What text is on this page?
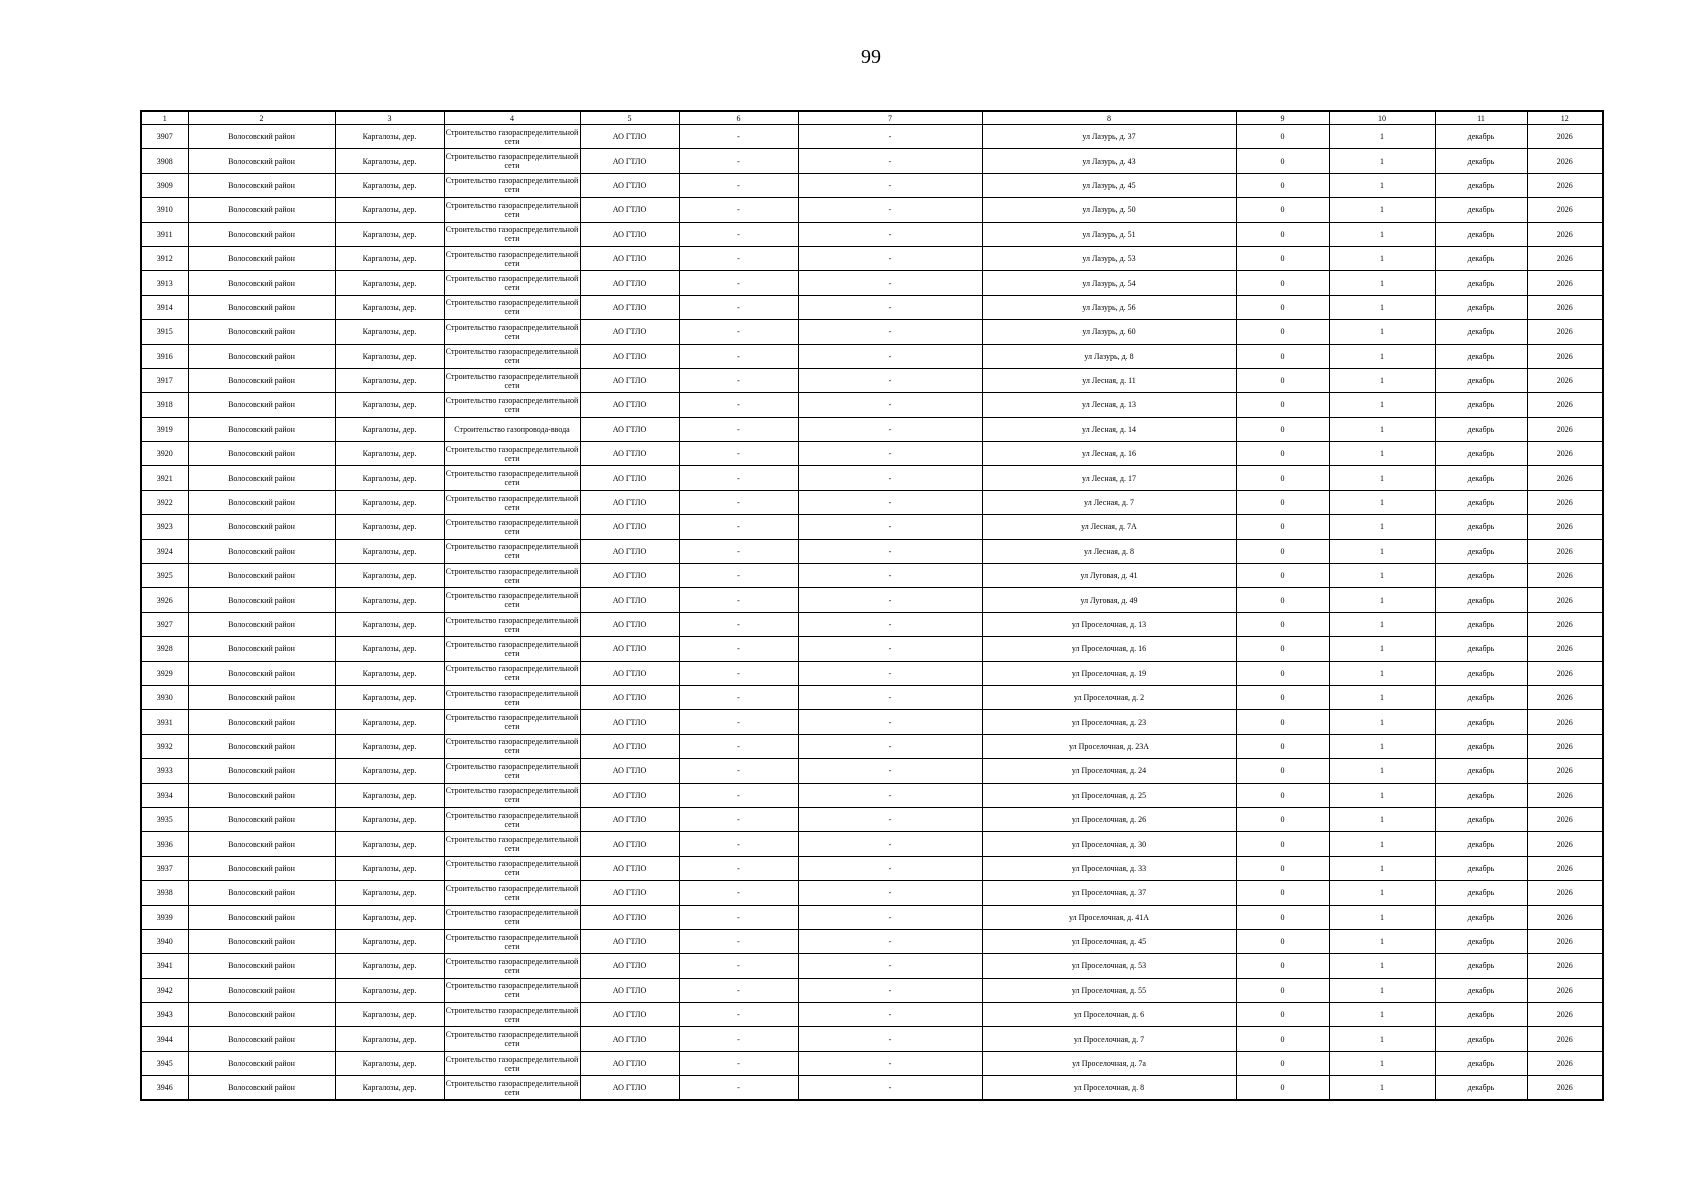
99
1	2	3	4	5	6	7	8	9	10	11	12
3907	Волосовский район	Каргалозы, дер.	Строительство газораспределительной сети	АО ГТЛО	-	-	ул Лазурь, д. 37	0	1	декабрь	2026
3908	Волосовский район	Каргалозы, дер.	Строительство газораспределительной сети	АО ГТЛО	-	-	ул Лазурь, д. 43	0	1	декабрь	2026
3909	Волосовский район	Каргалозы, дер.	Строительство газораспределительной сети	АО ГТЛО	-	-	ул Лазурь, д. 45	0	1	декабрь	2026
3910	Волосовский район	Каргалозы, дер.	Строительство газораспределительной сети	АО ГТЛО	-	-	ул Лазурь, д. 50	0	1	декабрь	2026
3911	Волосовский район	Каргалозы, дер.	Строительство газораспределительной сети	АО ГТЛО	-	-	ул Лазурь, д. 51	0	1	декабрь	2026
3912	Волосовский район	Каргалозы, дер.	Строительство газораспределительной сети	АО ГТЛО	-	-	ул Лазурь, д. 53	0	1	декабрь	2026
3913	Волосовский район	Каргалозы, дер.	Строительство газораспределительной сети	АО ГТЛО	-	-	ул Лазурь, д. 54	0	1	декабрь	2026
3914	Волосовский район	Каргалозы, дер.	Строительство газораспределительной сети	АО ГТЛО	-	-	ул Лазурь, д. 56	0	1	декабрь	2026
3915	Волосовский район	Каргалозы, дер.	Строительство газораспределительной сети	АО ГТЛО	-	-	ул Лазурь, д. 60	0	1	декабрь	2026
3916	Волосовский район	Каргалозы, дер.	Строительство газораспределительной сети	АО ГТЛО	-	-	ул Лазурь, д. 8	0	1	декабрь	2026
3917	Волосовский район	Каргалозы, дер.	Строительство газораспределительной сети	АО ГТЛО	-	-	ул Лесная, д. 11	0	1	декабрь	2026
3918	Волосовский район	Каргалозы, дер.	Строительство газораспределительной сети	АО ГТЛО	-	-	ул Лесная, д. 13	0	1	декабрь	2026
3919	Волосовский район	Каргалозы, дер.	Строительство газопровода-ввода	АО ГТЛО	-	-	ул Лесная, д. 14	0	1	декабрь	2026
3920	Волосовский район	Каргалозы, дер.	Строительство газораспределительной сети	АО ГТЛО	-	-	ул Лесная, д. 16	0	1	декабрь	2026
3921	Волосовский район	Каргалозы, дер.	Строительство газораспределительной сети	АО ГТЛО	-	-	ул Лесная, д. 17	0	1	декабрь	2026
3922	Волосовский район	Каргалозы, дер.	Строительство газораспределительной сети	АО ГТЛО	-	-	ул Лесная, д. 7	0	1	декабрь	2026
3923	Волосовский район	Каргалозы, дер.	Строительство газораспределительной сети	АО ГТЛО	-	-	ул Лесная, д. 7А	0	1	декабрь	2026
3924	Волосовский район	Каргалозы, дер.	Строительство газораспределительной сети	АО ГТЛО	-	-	ул Лесная, д. 8	0	1	декабрь	2026
3925	Волосовский район	Каргалозы, дер.	Строительство газораспределительной сети	АО ГТЛО	-	-	ул Луговая, д. 41	0	1	декабрь	2026
3926	Волосовский район	Каргалозы, дер.	Строительство газораспределительной сети	АО ГТЛО	-	-	ул Луговая, д. 49	0	1	декабрь	2026
3927	Волосовский район	Каргалозы, дер.	Строительство газораспределительной сети	АО ГТЛО	-	-	ул Проселочная, д. 13	0	1	декабрь	2026
3928	Волосовский район	Каргалозы, дер.	Строительство газораспределительной сети	АО ГТЛО	-	-	ул Проселочная, д. 16	0	1	декабрь	2026
3929	Волосовский район	Каргалозы, дер.	Строительство газораспределительной сети	АО ГТЛО	-	-	ул Проселочная, д. 19	0	1	декабрь	2026
3930	Волосовский район	Каргалозы, дер.	Строительство газораспределительной сети	АО ГТЛО	-	-	ул Проселочная, д. 2	0	1	декабрь	2026
3931	Волосовский район	Каргалозы, дер.	Строительство газораспределительной сети	АО ГТЛО	-	-	ул Проселочная, д. 23	0	1	декабрь	2026
3932	Волосовский район	Каргалозы, дер.	Строительство газораспределительной сети	АО ГТЛО	-	-	ул Проселочная, д. 23А	0	1	декабрь	2026
3933	Волосовский район	Каргалозы, дер.	Строительство газораспределительной сети	АО ГТЛО	-	-	ул Проселочная, д. 24	0	1	декабрь	2026
3934	Волосовский район	Каргалозы, дер.	Строительство газораспределительной сети	АО ГТЛО	-	-	ул Проселочная, д. 25	0	1	декабрь	2026
3935	Волосовский район	Каргалозы, дер.	Строительство газораспределительной сети	АО ГТЛО	-	-	ул Проселочная, д. 26	0	1	декабрь	2026
3936	Волосовский район	Каргалозы, дер.	Строительство газораспределительной сети	АО ГТЛО	-	-	ул Проселочная, д. 30	0	1	декабрь	2026
3937	Волосовский район	Каргалозы, дер.	Строительство газораспределительной сети	АО ГТЛО	-	-	ул Проселочная, д. 33	0	1	декабрь	2026
3938	Волосовский район	Каргалозы, дер.	Строительство газораспределительной сети	АО ГТЛО	-	-	ул Проселочная, д. 37	0	1	декабрь	2026
3939	Волосовский район	Каргалозы, дер.	Строительство газораспределительной сети	АО ГТЛО	-	-	ул Проселочная, д. 41А	0	1	декабрь	2026
3940	Волосовский район	Каргалозы, дер.	Строительство газораспределительной сети	АО ГТЛО	-	-	ул Проселочная, д. 45	0	1	декабрь	2026
3941	Волосовский район	Каргалозы, дер.	Строительство газораспределительной сети	АО ГТЛО	-	-	ул Проселочная, д. 53	0	1	декабрь	2026
3942	Волосовский район	Каргалозы, дер.	Строительство газораспределительной сети	АО ГТЛО	-	-	ул Проселочная, д. 55	0	1	декабрь	2026
3943	Волосовский район	Каргалозы, дер.	Строительство газораспределительной сети	АО ГТЛО	-	-	ул Проселочная, д. 6	0	1	декабрь	2026
3944	Волосовский район	Каргалозы, дер.	Строительство газораспределительной сети	АО ГТЛО	-	-	ул Проселочная, д. 7	0	1	декабрь	2026
3945	Волосовский район	Каргалозы, дер.	Строительство газораспределительной сети	АО ГТЛО	-	-	ул Проселочная, д. 7а	0	1	декабрь	2026
3946	Волосовский район	Каргалозы, дер.	Строительство газораспределительной сети	АО ГТЛО	-	-	ул Проселочная, д. 8	0	1	декабрь	2026
